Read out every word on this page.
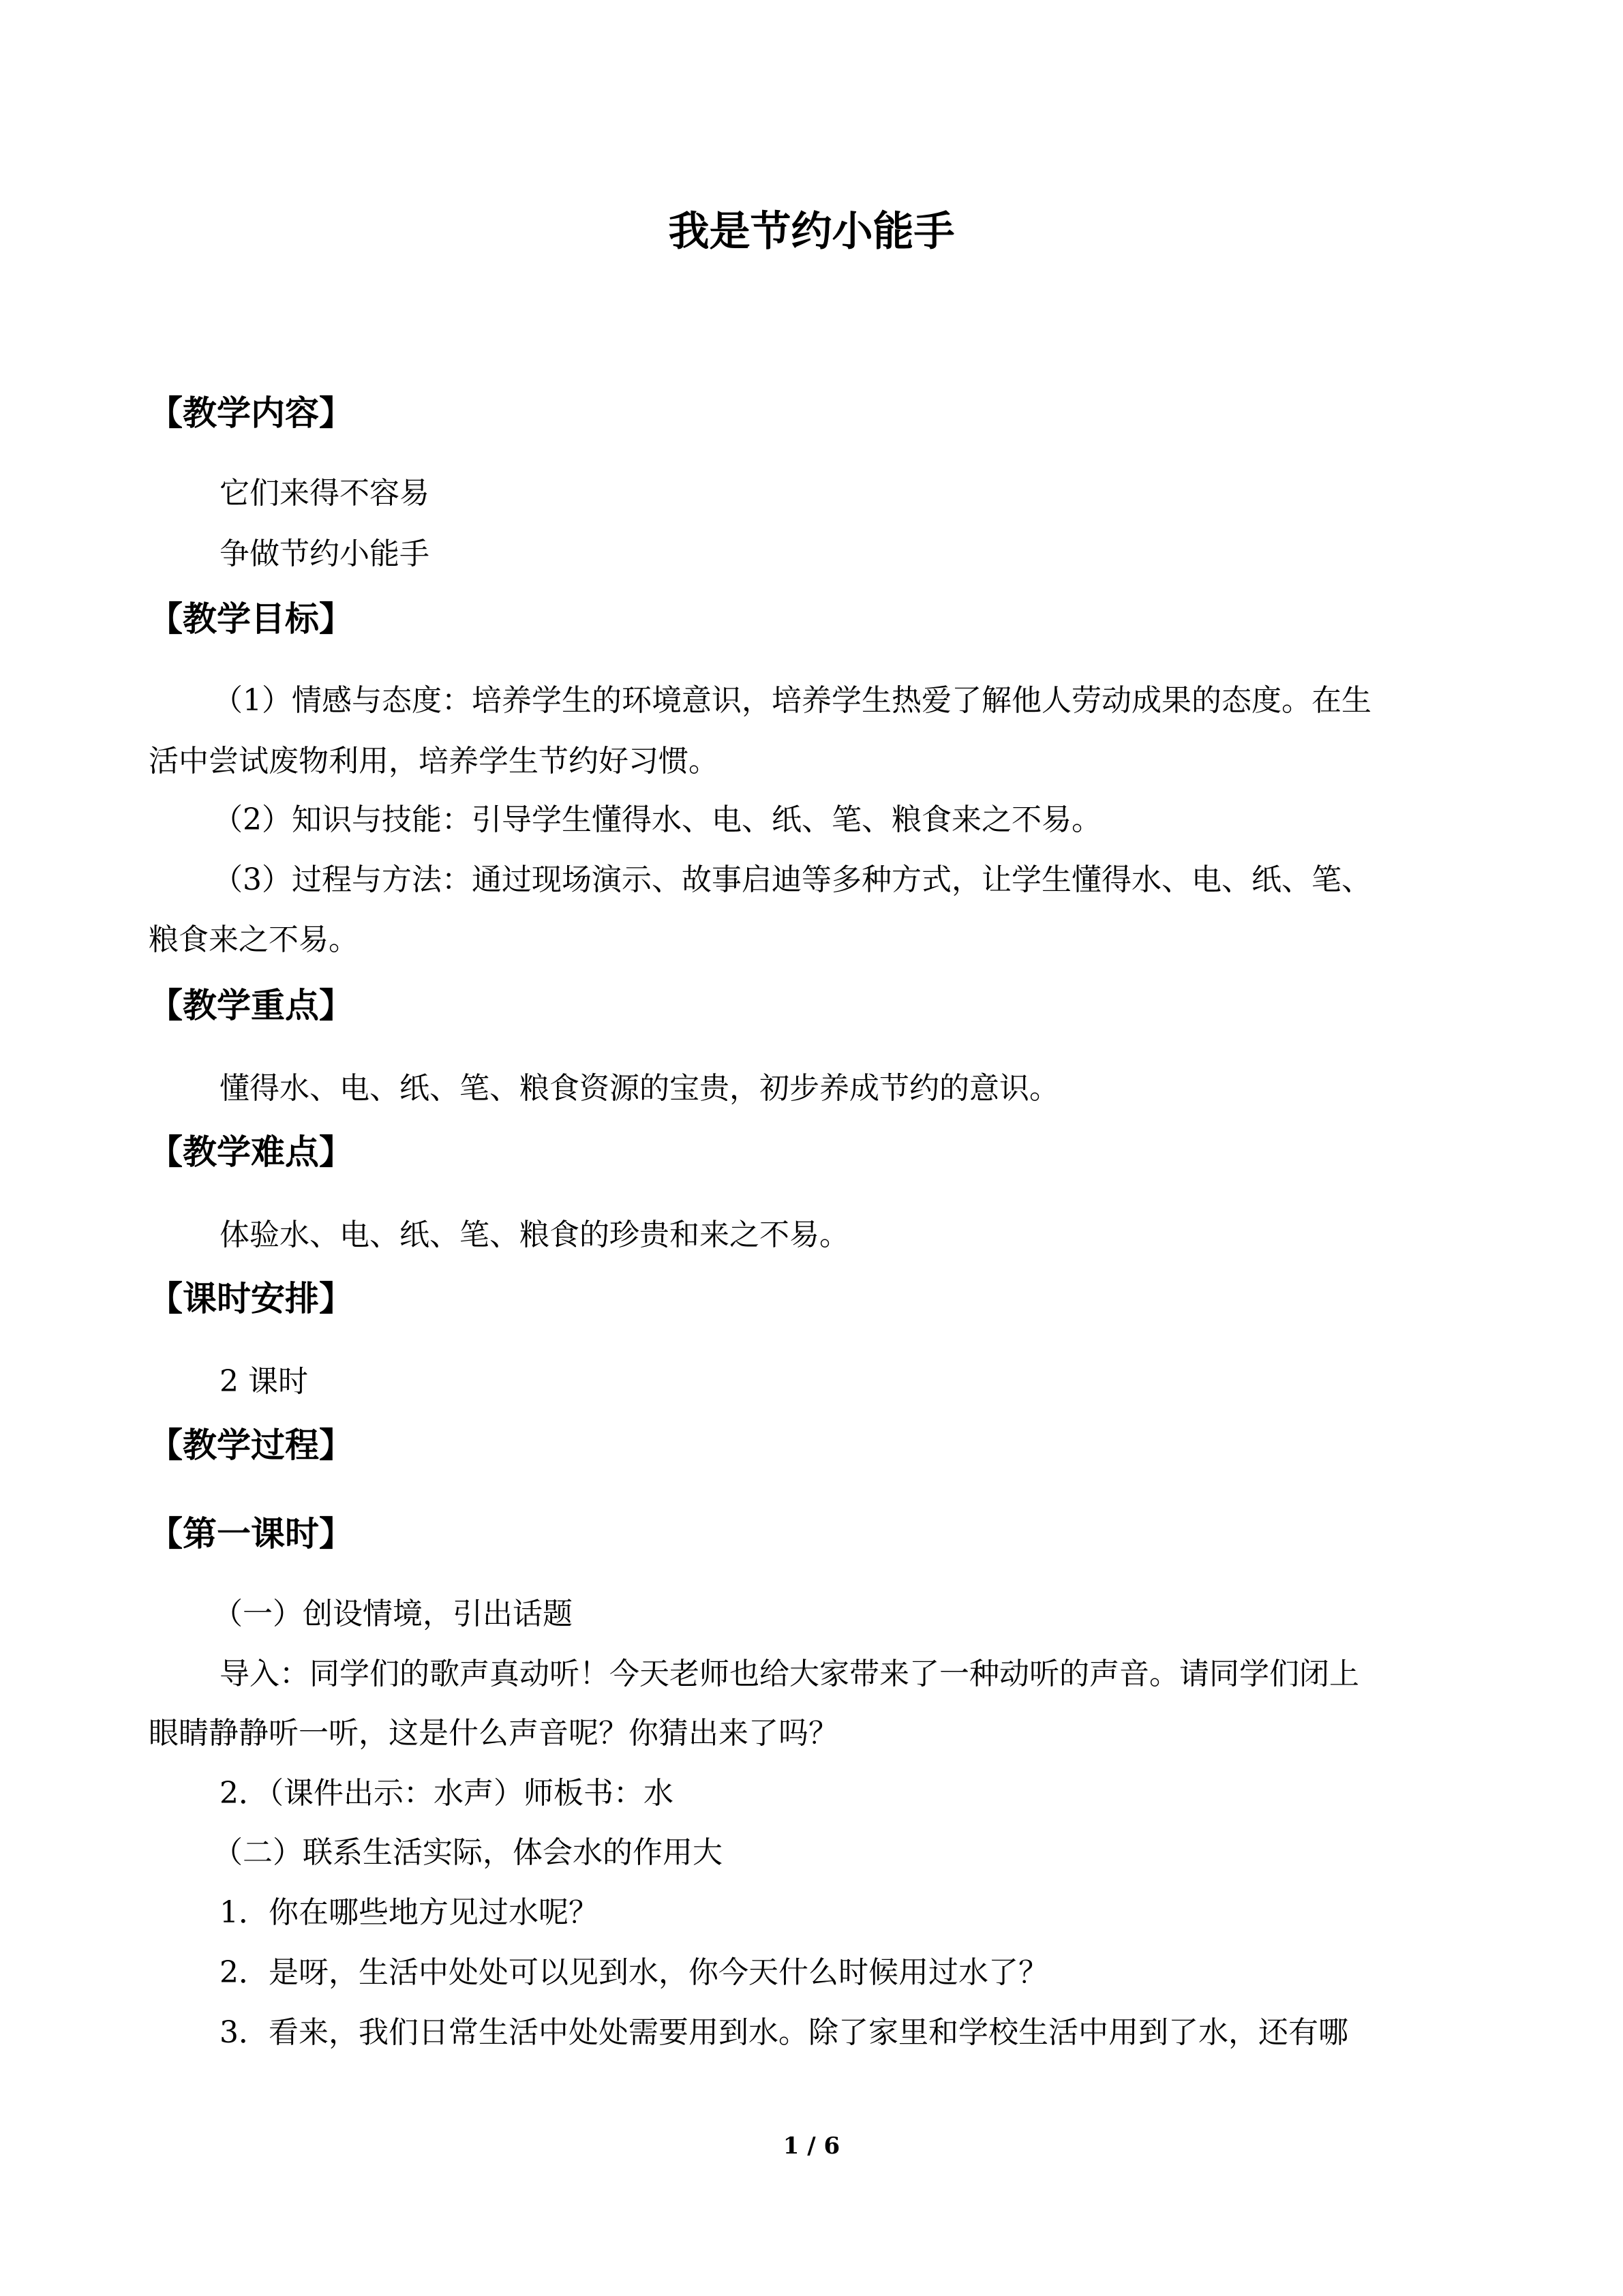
我是节约小能手
【教学内容】
它们来得不容易
争做节约小能手
【教学目标】
（1）情感与态度：培养学生的环境意识，培养学生热爱了解他人劳动成果的态度。在生
活中尝试废物利用，培养学生节约好习惯。
（2）知识与技能：引导学生懂得水、电、纸、笔、粮食来之不易。
（3）过程与方法：通过现场演示、故事启迪等多种方式，让学生懂得水、电、纸、笔、
粮食来之不易。
【教学重点】
懂得水、电、纸、笔、粮食资源的宝贵，初步养成节约的意识。
【教学难点】
体验水、电、纸、笔、粮食的珍贵和来之不易。
【课时安排】
2 课时
【教学过程】
【第一课时】
（一）创设情境，引出话题
导入：同学们的歌声真动听！今天老师也给大家带来了一种动听的声音。请同学们闭上
眼睛静静听一听，这是什么声音呢？你猜出来了吗？
2．（课件出示：水声）师板书：水
（二）联系生活实际，体会水的作用大
1．你在哪些地方见过水呢？
2．是呀，生活中处处可以见到水，你今天什么时候用过水了？
3．看来，我们日常生活中处处需要用到水。除了家里和学校生活中用到了水，还有哪
1 / 6
